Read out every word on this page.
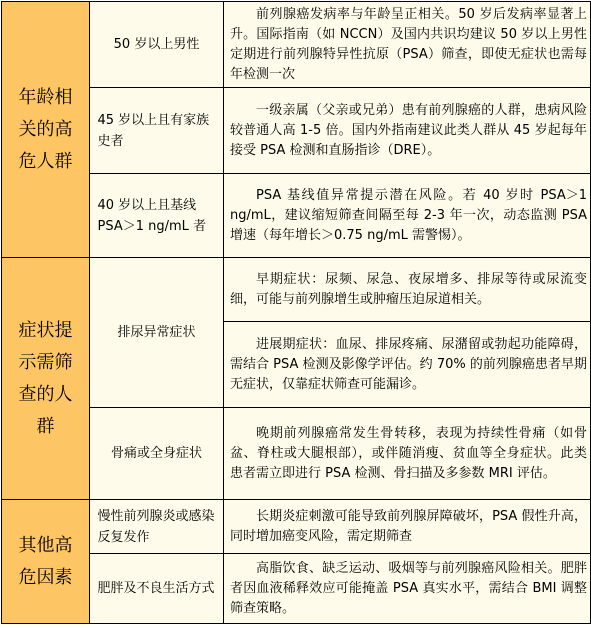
年龄相关的高危人群	50 岁以上男性	前列腺癌发病率与年龄呈正相关。50 岁后发病率显著上升。国际指南（如 NCCN）及国内共识均建议 50 岁以上男性定期进行前列腺特异性抗原（PSA）筛查，即使无症状也需每年检测一次

	45 岁以上且有家族史者	一级亲属（父亲或兄弟）患有前列腺癌的人群，患病风险较普通人高 1-5 倍。国内外指南建议此类人群从 45 岁起每年接受 PSA 检测和直肠指诊（DRE）。

	40 岁以上且基线 PSA＞1 ng/mL 者	PSA 基线值异常提示潜在风险。若 40 岁时 PSA＞1 ng/mL，建议缩短筛查间隔至每 2-3 年一次，动态监测 PSA 增速（每年增长＞0.75 ng/mL 需警惕）。

症状提示需筛查的人群	排尿异常症状	早期症状：尿频、尿急、夜尿增多、排尿等待或尿流变细，可能与前列腺增生或肿瘤压迫尿道相关。

		进展期症状：血尿、排尿疼痛、尿潴留或勃起功能障碍，需结合 PSA 检测及影像学评估。约 70% 的前列腺癌患者早期无症状，仅靠症状筛查可能漏诊。

	骨痛或全身症状	晚期前列腺癌常发生骨转移，表现为持续性骨痛（如骨盆、脊柱或大腿根部），或伴随消瘦、贫血等全身症状。此类患者需立即进行 PSA 检测、骨扫描及多参数 MRI 评估。

其他高危因素	慢性前列腺炎或感染反复发作	长期炎症刺激可能导致前列腺屏障破坏，PSA 假性升高，同时增加癌变风险，需定期筛查

	肥胖及不良生活方式	高脂饮食、缺乏运动、吸烟等与前列腺癌风险相关。肥胖者因血液稀释效应可能掩盖 PSA 真实水平，需结合 BMI 调整筛查策略。
